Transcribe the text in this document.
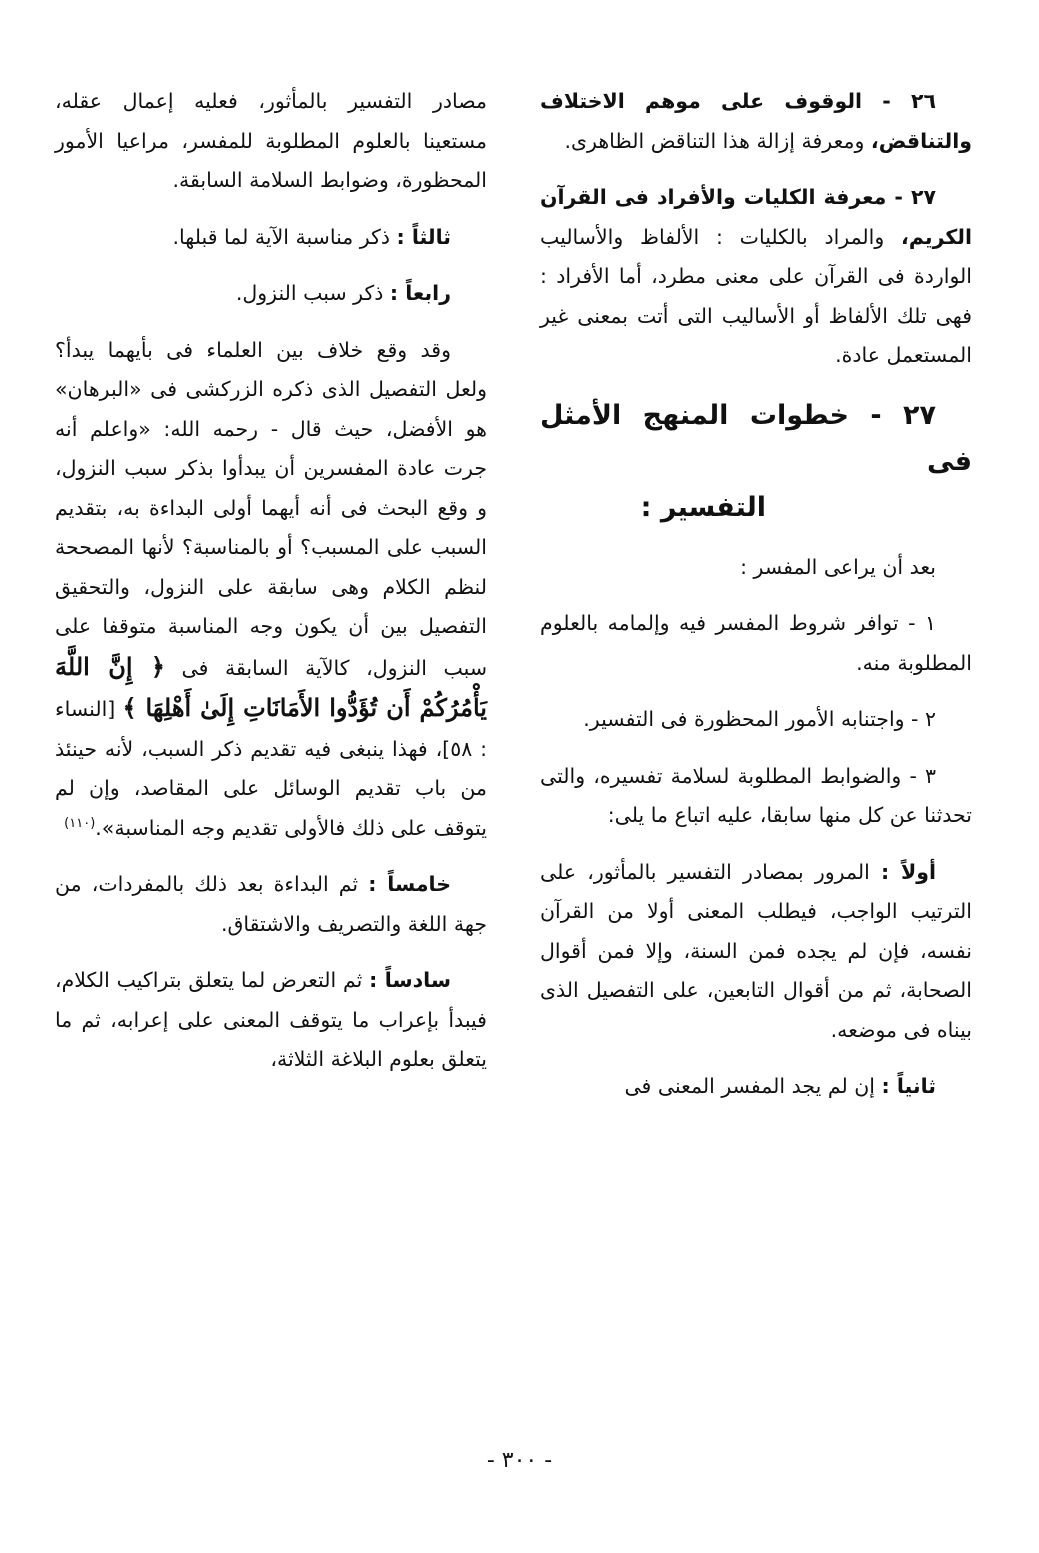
٢٦ - الوقوف على موهم الاختلاف والتناقض، ومعرفة إزالة هذا التناقض الظاهرى.

٢٧ - معرفة الكليات والأفراد فى القرآن الكريم، والمراد بالكليات : الألفاظ والأساليب الواردة فى القرآن على معنى مطرد، أما الأفراد : فهى تلك الألفاظ أو الأساليب التى أتت بمعنى غير المستعمل عادة.

٢٧ - خطوات المنهج الأمثل فى
التفسير :

بعد أن يراعى المفسر :

١ - توافر شروط المفسر فيه وإلمامه بالعلوم المطلوبة منه.

٢ - واجتنابه الأمور المحظورة فى التفسير.

٣ - والضوابط المطلوبة لسلامة تفسيره، والتى تحدثنا عن كل منها سابقا، عليه اتباع ما يلى:

أولاً : المرور بمصادر التفسير بالمأثور، على الترتيب الواجب، فيطلب المعنى أولا من القرآن نفسه، فإن لم يجده فمن السنة، وإلا فمن أقوال الصحابة، ثم من أقوال التابعين، على التفصيل الذى بيناه فى موضعه.

ثانياً : إن لم يجد المفسر المعنى فى

مصادر التفسير بالمأثور، فعليه إعمال عقله، مستعينا بالعلوم المطلوبة للمفسر، مراعيا الأمور المحظورة، وضوابط السلامة السابقة.

ثالثاً : ذكر مناسبة الآية لما قبلها.

رابعاً : ذكر سبب النزول.

وقد وقع خلاف بين العلماء فى بأيهما يبدأ؟ ولعل التفصيل الذى ذكره الزركشى فى «البرهان» هو الأفضل، حيث قال - رحمه الله: «واعلم أنه جرت عادة المفسرين أن يبدأوا بذكر سبب النزول، و وقع البحث فى أنه أيهما أولى البداءة به، بتقديم السبب على المسبب؟ أو بالمناسبة؟ لأنها المصححة لنظم الكلام وهى سابقة على النزول، والتحقيق التفصيل بين أن يكون وجه المناسبة متوقفا على سبب النزول، كالآية السابقة فى ﴿ إِنَّ اللَّهَ يَأْمُرُكُمْ أَن تُؤَدُّوا الأَمَانَاتِ إِلَىٰ أَهْلِهَا ﴾ [النساء : ٥٨]، فهذا ينبغى فيه تقديم ذكر السبب، لأنه حينئذ من باب تقديم الوسائل على المقاصد، وإن لم يتوقف على ذلك فالأولى تقديم وجه المناسبة».$^{(١١٠)}$

خامساً : ثم البداءة بعد ذلك بالمفردات، من جهة اللغة والتصريف والاشتقاق.

سادساً : ثم التعرض لما يتعلق بتراكيب الكلام، فيبدأ بإعراب ما يتوقف المعنى على إعرابه، ثم ما يتعلق بعلوم البلاغة الثلاثة،

- ٣٠٠ -
